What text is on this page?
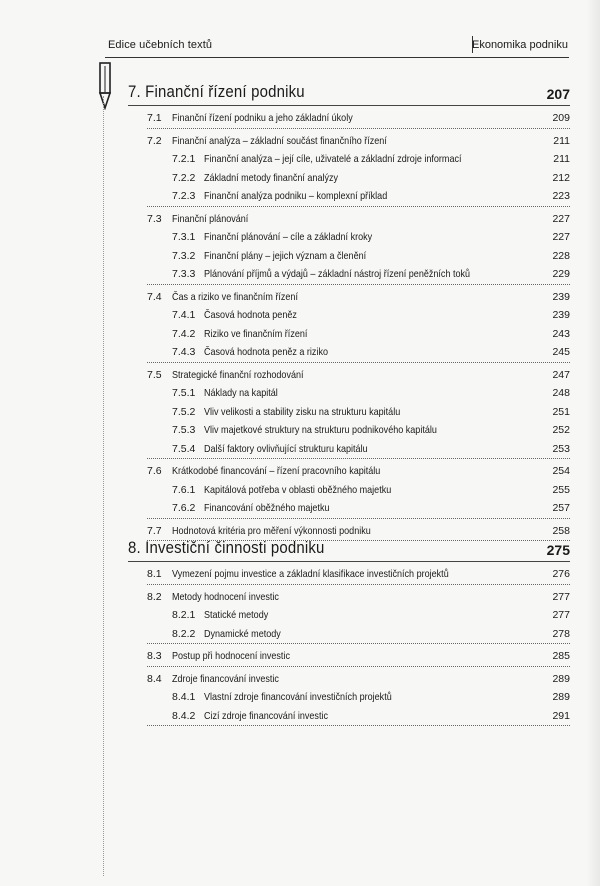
Edice učebních textů	Ekonomika podniku
7. Finanční řízení podniku	207
7.1 Finanční řízení podniku a jeho základní úkoly	209
7.2 Finanční analýza – základní součást finančního řízení	211
7.2.1 Finanční analýza – její cíle, uživatelé a základní zdroje informací	211
7.2.2 Základní metody finanční analýzy	212
7.2.3 Finanční analýza podniku – komplexní příklad	223
7.3 Finanční plánování	227
7.3.1 Finanční plánování – cíle a základní kroky	227
7.3.2 Finanční plány – jejich význam a členění	228
7.3.3 Plánování příjmů a výdajů – základní nástroj řízení peněžních toků	229
7.4 Čas a riziko ve finančním řízení	239
7.4.1 Časová hodnota peněz	239
7.4.2 Riziko ve finančním řízení	243
7.4.3 Časová hodnota peněz a riziko	245
7.5 Strategické finanční rozhodování	247
7.5.1 Náklady na kapitál	248
7.5.2 Vliv velikosti a stability zisku na strukturu kapitálu	251
7.5.3 Vliv majetkové struktury na strukturu podnikového kapitálu	252
7.5.4 Další faktory ovlivňující strukturu kapitálu	253
7.6 Krátkodobé financování – řízení pracovního kapitálu	254
7.6.1 Kapitálová potřeba v oblasti oběžného majetku	255
7.6.2 Financování oběžného majetku	257
7.7 Hodnotová kritéria pro měření výkonnosti podniku	258
8. Investiční činnosti podniku	275
8.1 Vymezení pojmu investice a základní klasifikace investičních projektů	276
8.2 Metody hodnocení investic	277
8.2.1 Statické metody	277
8.2.2 Dynamické metody	278
8.3 Postup při hodnocení investic	285
8.4 Zdroje financování investic	289
8.4.1 Vlastní zdroje financování investičních projektů	289
8.4.2 Cizí zdroje financování investic	291
